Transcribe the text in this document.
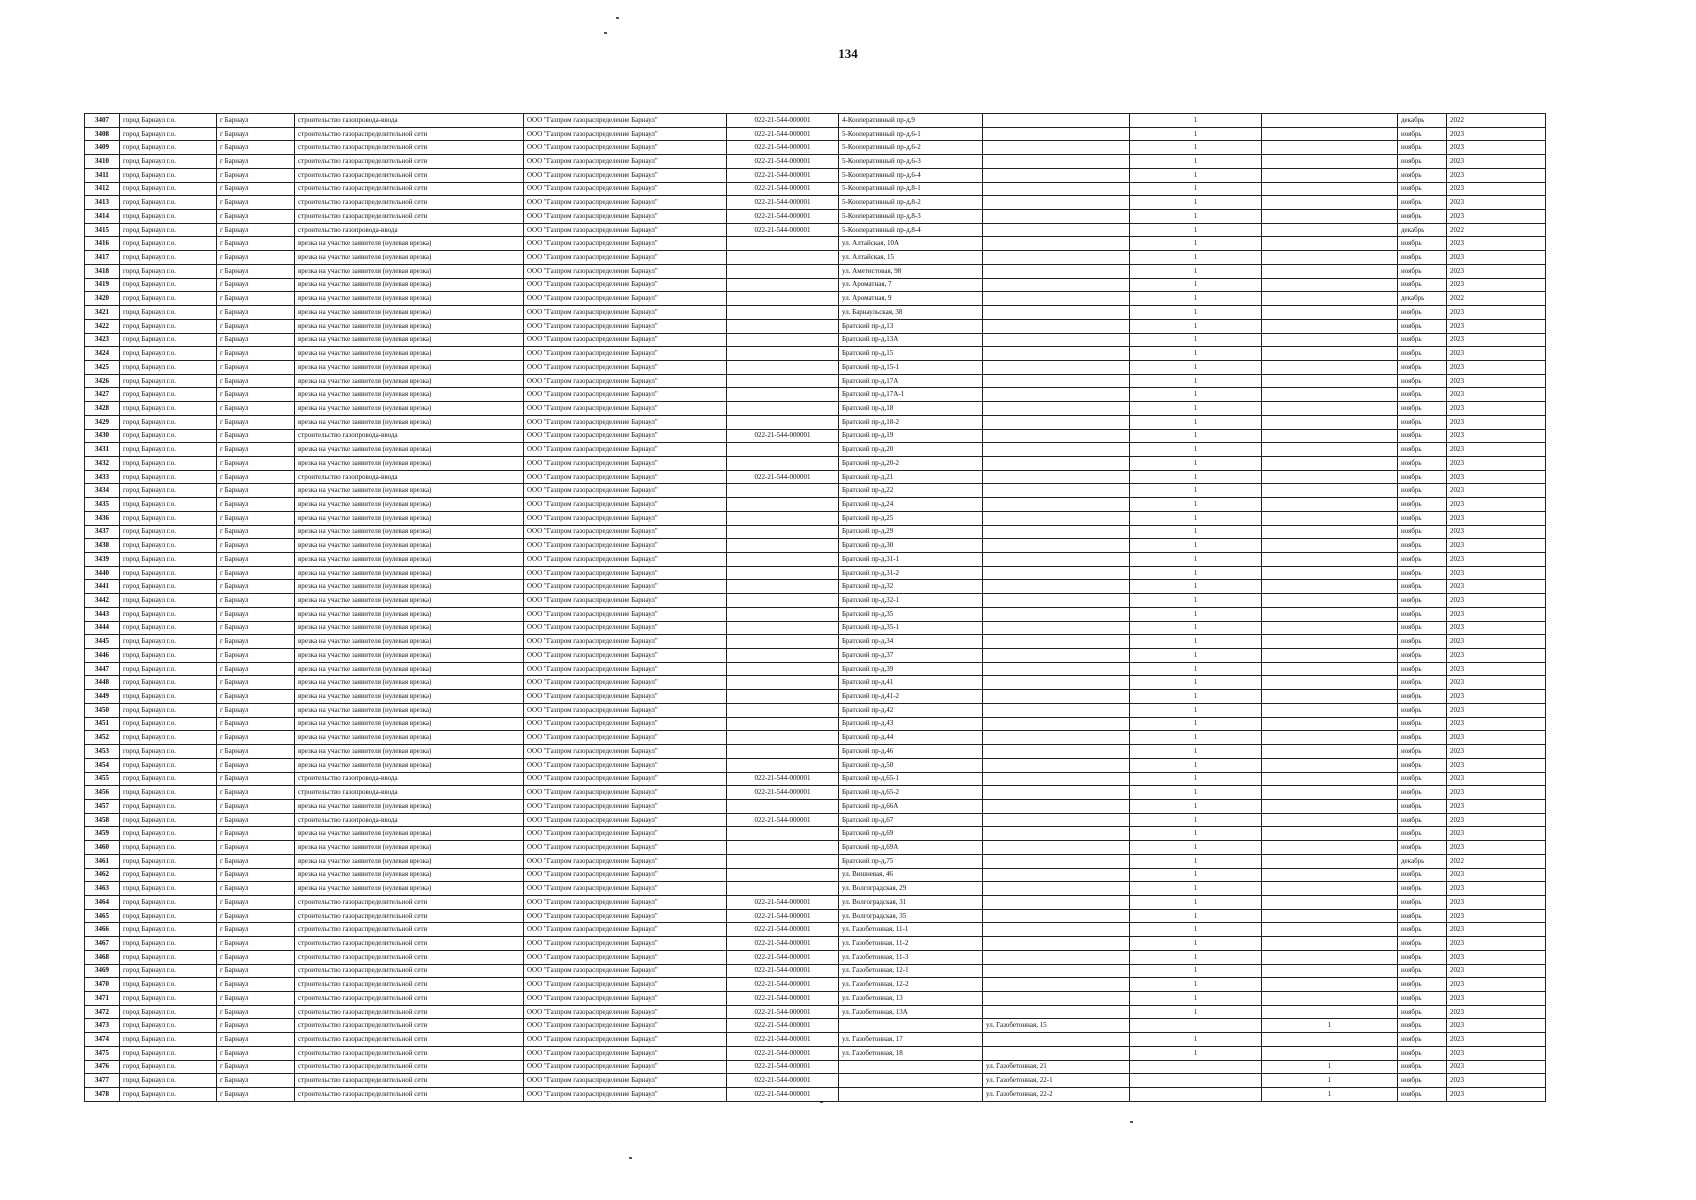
134
3407	город Барнаул г.о.	г Барнаул	строительство газопровода-ввода	ООО "Газпром газораспределение Барнаул"	022-21-544-000001	4-Кооперативный пр-д,9		1		декабрь	2022
3408	город Барнаул г.о.	г Барнаул	строительство газораспределительной сети	ООО "Газпром газораспределение Барнаул"	022-21-544-000001	5-Кооперативный пр-д,6-1		1		ноябрь	2023
3409	город Барнаул г.о.	г Барнаул	строительство газораспределительной сети	ООО "Газпром газораспределение Барнаул"	022-21-544-000001	5-Кооперативный пр-д,6-2		1		ноябрь	2023
3410	город Барнаул г.о.	г Барнаул	строительство газораспределительной сети	ООО "Газпром газораспределение Барнаул"	022-21-544-000001	5-Кооперативный пр-д,6-3		1		ноябрь	2023
3411	город Барнаул г.о.	г Барнаул	строительство газораспределительной сети	ООО "Газпром газораспределение Барнаул"	022-21-544-000001	5-Кооперативный пр-д,6-4		1		ноябрь	2023
3412	город Барнаул г.о.	г Барнаул	строительство газораспределительной сети	ООО "Газпром газораспределение Барнаул"	022-21-544-000001	5-Кооперативный пр-д,8-1		1		ноябрь	2023
3413	город Барнаул г.о.	г Барнаул	строительство газораспределительной сети	ООО "Газпром газораспределение Барнаул"	022-21-544-000001	5-Кооперативный пр-д,8-2		1		ноябрь	2023
3414	город Барнаул г.о.	г Барнаул	строительство газораспределительной сети	ООО "Газпром газораспределение Барнаул"	022-21-544-000001	5-Кооперативный пр-д,8-3		1		ноябрь	2023
3415	город Барнаул г.о.	г Барнаул	строительство газопровода-ввода	ООО "Газпром газораспределение Барнаул"	022-21-544-000001	5-Кооперативный пр-д,8-4		1		декабрь	2022
3416	город Барнаул г.о.	г Барнаул	врезка на участке заявителя (нулевая врезка)	ООО "Газпром газораспределение Барнаул"		ул. Алтайская, 10А		1		ноябрь	2023
3417	город Барнаул г.о.	г Барнаул	врезка на участке заявителя (нулевая врезка)	ООО "Газпром газораспределение Барнаул"		ул. Алтайская, 15		1		ноябрь	2023
3418	город Барнаул г.о.	г Барнаул	врезка на участке заявителя (нулевая врезка)	ООО "Газпром газораспределение Барнаул"		ул. Аметистовая, 98		1		ноябрь	2023
3419	город Барнаул г.о.	г Барнаул	врезка на участке заявителя (нулевая врезка)	ООО "Газпром газораспределение Барнаул"		ул. Ароматная, 7		1		ноябрь	2023
3420	город Барнаул г.о.	г Барнаул	врезка на участке заявителя (нулевая врезка)	ООО "Газпром газораспределение Барнаул"		ул. Ароматная, 9		1		декабрь	2022
3421	город Барнаул г.о.	г Барнаул	врезка на участке заявителя (нулевая врезка)	ООО "Газпром газораспределение Барнаул"		ул. Барнаульская, 38		1		ноябрь	2023
3422	город Барнаул г.о.	г Барнаул	врезка на участке заявителя (нулевая врезка)	ООО "Газпром газораспределение Барнаул"		Братский пр-д,13		1		ноябрь	2023
3423	город Барнаул г.о.	г Барнаул	врезка на участке заявителя (нулевая врезка)	ООО "Газпром газораспределение Барнаул"		Братский пр-д,13А		1		ноябрь	2023
3424	город Барнаул г.о.	г Барнаул	врезка на участке заявителя (нулевая врезка)	ООО "Газпром газораспределение Барнаул"		Братский пр-д,15		1		ноябрь	2023
3425	город Барнаул г.о.	г Барнаул	врезка на участке заявителя (нулевая врезка)	ООО "Газпром газораспределение Барнаул"		Братский пр-д,15-1		1		ноябрь	2023
3426	город Барнаул г.о.	г Барнаул	врезка на участке заявителя (нулевая врезка)	ООО "Газпром газораспределение Барнаул"		Братский пр-д,17А		1		ноябрь	2023
3427	город Барнаул г.о.	г Барнаул	врезка на участке заявителя (нулевая врезка)	ООО "Газпром газораспределение Барнаул"		Братский пр-д,17А-1		1		ноябрь	2023
3428	город Барнаул г.о.	г Барнаул	врезка на участке заявителя (нулевая врезка)	ООО "Газпром газораспределение Барнаул"		Братский пр-д,18		1		ноябрь	2023
3429	город Барнаул г.о.	г Барнаул	врезка на участке заявителя (нулевая врезка)	ООО "Газпром газораспределение Барнаул"		Братский пр-д,18-2		1		ноябрь	2023
3430	город Барнаул г.о.	г Барнаул	строительство газопровода-ввода	ООО "Газпром газораспределение Барнаул"	022-21-544-000001	Братский пр-д,19		1		ноябрь	2023
3431	город Барнаул г.о.	г Барнаул	врезка на участке заявителя (нулевая врезка)	ООО "Газпром газораспределение Барнаул"		Братский пр-д,20		1		ноябрь	2023
3432	город Барнаул г.о.	г Барнаул	врезка на участке заявителя (нулевая врезка)	ООО "Газпром газораспределение Барнаул"		Братский пр-д,20-2		1		ноябрь	2023
3433	город Барнаул г.о.	г Барнаул	строительство газопровода-ввода	ООО "Газпром газораспределение Барнаул"	022-21-544-000001	Братский пр-д,21		1		ноябрь	2023
3434	город Барнаул г.о.	г Барнаул	врезка на участке заявителя (нулевая врезка)	ООО "Газпром газораспределение Барнаул"		Братский пр-д,22		1		ноябрь	2023
3435	город Барнаул г.о.	г Барнаул	врезка на участке заявителя (нулевая врезка)	ООО "Газпром газораспределение Барнаул"		Братский пр-д,24		1		ноябрь	2023
3436	город Барнаул г.о.	г Барнаул	врезка на участке заявителя (нулевая врезка)	ООО "Газпром газораспределение Барнаул"		Братский пр-д,25		1		ноябрь	2023
3437	город Барнаул г.о.	г Барнаул	врезка на участке заявителя (нулевая врезка)	ООО "Газпром газораспределение Барнаул"		Братский пр-д,29		1		ноябрь	2023
3438	город Барнаул г.о.	г Барнаул	врезка на участке заявителя (нулевая врезка)	ООО "Газпром газораспределение Барнаул"		Братский пр-д,30		1		ноябрь	2023
3439	город Барнаул г.о.	г Барнаул	врезка на участке заявителя (нулевая врезка)	ООО "Газпром газораспределение Барнаул"		Братский пр-д,31-1		1		ноябрь	2023
3440	город Барнаул г.о.	г Барнаул	врезка на участке заявителя (нулевая врезка)	ООО "Газпром газораспределение Барнаул"		Братский пр-д,31-2		1		ноябрь	2023
3441	город Барнаул г.о.	г Барнаул	врезка на участке заявителя (нулевая врезка)	ООО "Газпром газораспределение Барнаул"		Братский пр-д,32		1		ноябрь	2023
3442	город Барнаул г.о.	г Барнаул	врезка на участке заявителя (нулевая врезка)	ООО "Газпром газораспределение Барнаул"		Братский пр-д,32-1		1		ноябрь	2023
3443	город Барнаул г.о.	г Барнаул	врезка на участке заявителя (нулевая врезка)	ООО "Газпром газораспределение Барнаул"		Братский пр-д,35		1		ноябрь	2023
3444	город Барнаул г.о.	г Барнаул	врезка на участке заявителя (нулевая врезка)	ООО "Газпром газораспределение Барнаул"		Братский пр-д,35-1		1		ноябрь	2023
3445	город Барнаул г.о.	г Барнаул	врезка на участке заявителя (нулевая врезка)	ООО "Газпром газораспределение Барнаул"		Братский пр-д,34		1		ноябрь	2023
3446	город Барнаул г.о.	г Барнаул	врезка на участке заявителя (нулевая врезка)	ООО "Газпром газораспределение Барнаул"		Братский пр-д,37		1		ноябрь	2023
3447	город Барнаул г.о.	г Барнаул	врезка на участке заявителя (нулевая врезка)	ООО "Газпром газораспределение Барнаул"		Братский пр-д,39		1		ноябрь	2023
3448	город Барнаул г.о.	г Барнаул	врезка на участке заявителя (нулевая врезка)	ООО "Газпром газораспределение Барнаул"		Братский пр-д,41		1		ноябрь	2023
3449	город Барнаул г.о.	г Барнаул	врезка на участке заявителя (нулевая врезка)	ООО "Газпром газораспределение Барнаул"		Братский пр-д,41-2		1		ноябрь	2023
3450	город Барнаул г.о.	г Барнаул	врезка на участке заявителя (нулевая врезка)	ООО "Газпром газораспределение Барнаул"		Братский пр-д,42		1		ноябрь	2023
3451	город Барнаул г.о.	г Барнаул	врезка на участке заявителя (нулевая врезка)	ООО "Газпром газораспределение Барнаул"		Братский пр-д,43		1		ноябрь	2023
3452	город Барнаул г.о.	г Барнаул	врезка на участке заявителя (нулевая врезка)	ООО "Газпром газораспределение Барнаул"		Братский пр-д,44		1		ноябрь	2023
3453	город Барнаул г.о.	г Барнаул	врезка на участке заявителя (нулевая врезка)	ООО "Газпром газораспределение Барнаул"		Братский пр-д,46		1		ноябрь	2023
3454	город Барнаул г.о.	г Барнаул	врезка на участке заявителя (нулевая врезка)	ООО "Газпром газораспределение Барнаул"		Братский пр-д,50		1		ноябрь	2023
3455	город Барнаул г.о.	г Барнаул	строительство газопровода-ввода	ООО "Газпром газораспределение Барнаул"	022-21-544-000001	Братский пр-д,65-1		1		ноябрь	2023
3456	город Барнаул г.о.	г Барнаул	строительство газопровода-ввода	ООО "Газпром газораспределение Барнаул"	022-21-544-000001	Братский пр-д,65-2		1		ноябрь	2023
3457	город Барнаул г.о.	г Барнаул	врезка на участке заявителя (нулевая врезка)	ООО "Газпром газораспределение Барнаул"		Братский пр-д,66А		1		ноябрь	2023
3458	город Барнаул г.о.	г Барнаул	строительство газопровода-ввода	ООО "Газпром газораспределение Барнаул"	022-21-544-000001	Братский пр-д,67		1		ноябрь	2023
3459	город Барнаул г.о.	г Барнаул	врезка на участке заявителя (нулевая врезка)	ООО "Газпром газораспределение Барнаул"		Братский пр-д,69		1		ноябрь	2023
3460	город Барнаул г.о.	г Барнаул	врезка на участке заявителя (нулевая врезка)	ООО "Газпром газораспределение Барнаул"		Братский пр-д,69А		1		ноябрь	2023
3461	город Барнаул г.о.	г Барнаул	врезка на участке заявителя (нулевая врезка)	ООО "Газпром газораспределение Барнаул"		Братский пр-д,75		1		декабрь	2022
3462	город Барнаул г.о.	г Барнаул	врезка на участке заявителя (нулевая врезка)	ООО "Газпром газораспределение Барнаул"		ул. Вишневая, 46		1		ноябрь	2023
3463	город Барнаул г.о.	г Барнаул	врезка на участке заявителя (нулевая врезка)	ООО "Газпром газораспределение Барнаул"		ул. Волгоградская, 29		1		ноябрь	2023
3464	город Барнаул г.о.	г Барнаул	строительство газораспределительной сети	ООО "Газпром газораспределение Барнаул"	022-21-544-000001	ул. Волгоградская, 31		1		ноябрь	2023
3465	город Барнаул г.о.	г Барнаул	строительство газораспределительной сети	ООО "Газпром газораспределение Барнаул"	022-21-544-000001	ул. Волгоградская, 35		1		ноябрь	2023
3466	город Барнаул г.о.	г Барнаул	строительство газораспределительной сети	ООО "Газпром газораспределение Барнаул"	022-21-544-000001	ул. Газобетонная, 11-1		1		ноябрь	2023
3467	город Барнаул г.о.	г Барнаул	строительство газораспределительной сети	ООО "Газпром газораспределение Барнаул"	022-21-544-000001	ул. Газобетонная, 11-2		1		ноябрь	2023
3468	город Барнаул г.о.	г Барнаул	строительство газораспределительной сети	ООО "Газпром газораспределение Барнаул"	022-21-544-000001	ул. Газобетонная, 11-3		1		ноябрь	2023
3469	город Барнаул г.о.	г Барнаул	строительство газораспределительной сети	ООО "Газпром газораспределение Барнаул"	022-21-544-000001	ул. Газобетонная, 12-1		1		ноябрь	2023
3470	город Барнаул г.о.	г Барнаул	строительство газораспределительной сети	ООО "Газпром газораспределение Барнаул"	022-21-544-000001	ул. Газобетонная, 12-2		1		ноябрь	2023
3471	город Барнаул г.о.	г Барнаул	строительство газораспределительной сети	ООО "Газпром газораспределение Барнаул"	022-21-544-000001	ул. Газобетонная, 13		1		ноябрь	2023
3472	город Барнаул г.о.	г Барнаул	строительство газораспределительной сети	ООО "Газпром газораспределение Барнаул"	022-21-544-000001	ул. Газобетонная, 13А		1		ноябрь	2023
3473	город Барнаул г.о.	г Барнаул	строительство газораспределительной сети	ООО "Газпром газораспределение Барнаул"	022-21-544-000001		ул. Газобетонная, 15		1	ноябрь	2023
3474	город Барнаул г.о.	г Барнаул	строительство газораспределительной сети	ООО "Газпром газораспределение Барнаул"	022-21-544-000001	ул. Газобетонная, 17		1		ноябрь	2023
3475	город Барнаул г.о.	г Барнаул	строительство газораспределительной сети	ООО "Газпром газораспределение Барнаул"	022-21-544-000001	ул. Газобетонная, 18		1		ноябрь	2023
3476	город Барнаул г.о.	г Барнаул	строительство газораспределительной сети	ООО "Газпром газораспределение Барнаул"	022-21-544-000001		ул. Газобетонная, 21		1	ноябрь	2023
3477	город Барнаул г.о.	г Барнаул	строительство газораспределительной сети	ООО "Газпром газораспределение Барнаул"	022-21-544-000001		ул. Газобетонная, 22-1		1	ноябрь	2023
3478	город Барнаул г.о.	г Барнаул	строительство газораспределительной сети	ООО "Газпром газораспределение Барнаул"	022-21-544-000001		ул. Газобетонная, 22-2		1	ноябрь	2023
